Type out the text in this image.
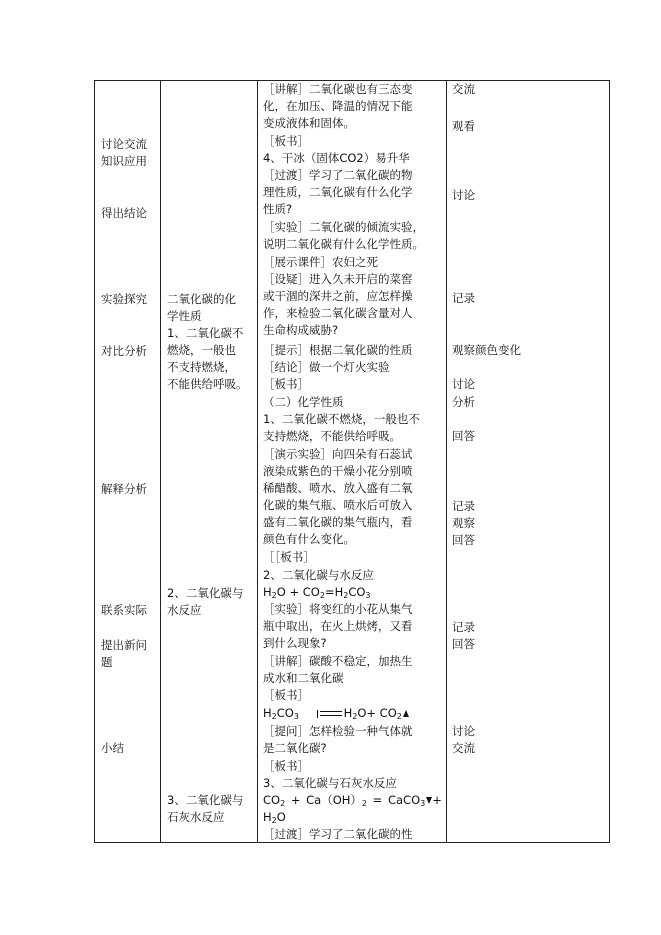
讨论交流
知识应用
得出结论
实验探究
对比分析
解释分析
联系实际
提出新问
题
小结
二氧化碳的化
学性质
1、二氧化碳不
燃烧，一般也
不支持燃烧，
不能供给呼吸。
2、二氧化碳与
水反应
3、二氧化碳与
石灰水反应
［讲解］二氧化碳也有三态变
化，在加压、降温的情况下能
变成液体和固体。
［板书］
4、干冰（固体CO2）易升华
［过渡］学习了二氧化碳的物
理性质，二氧化碳有什么化学
性质?
［实验］二氧化碳的倾流实验，
说明二氧化碳有什么化学性质。
［展示课件］农妇之死
［设疑］进入久未开启的菜窖
或干涸的深井之前，应怎样操
作，来检验二氧化碳含量对人
生命构成威胁?
［提示］根据二氧化碳的性质
［结论］做一个灯火实验
［板书］
（二）化学性质
1、二氧化碳不燃烧，一般也不
支持燃烧，不能供给呼吸。
［演示实验］向四朵有石蕊试
液染成紫色的干燥小花分别喷
稀醋酸、喷水、放入盛有二氧
化碳的集气瓶、喷水后可放入
盛有二氧化碳的集气瓶内，看
颜色有什么变化。
［［板书］
2、二氧化碳与水反应
$H_2O + CO_2=H_2CO_3$
［实验］将变红的小花从集气
瓶中取出，在火上烘烤，又看
到什么现象?
［讲解］碳酸不稳定，加热生
成水和二氧化碳
［板书］
$H_2CO_3$	$H_2O+ CO_2$
［提问］怎样检验一种气体就
是二氧化碳?
［板书］
3、二氧化碳与石灰水反应
$CO_2 + Ca(OH)_2$ = CaCO$_3$ +
$H_2O$
［过渡］学习了二氧化碳的性
交流
观看
讨论
记录
观察颜色变化
讨论
分析
回答
记录
观察
回答
记录
回答
讨论
交流
